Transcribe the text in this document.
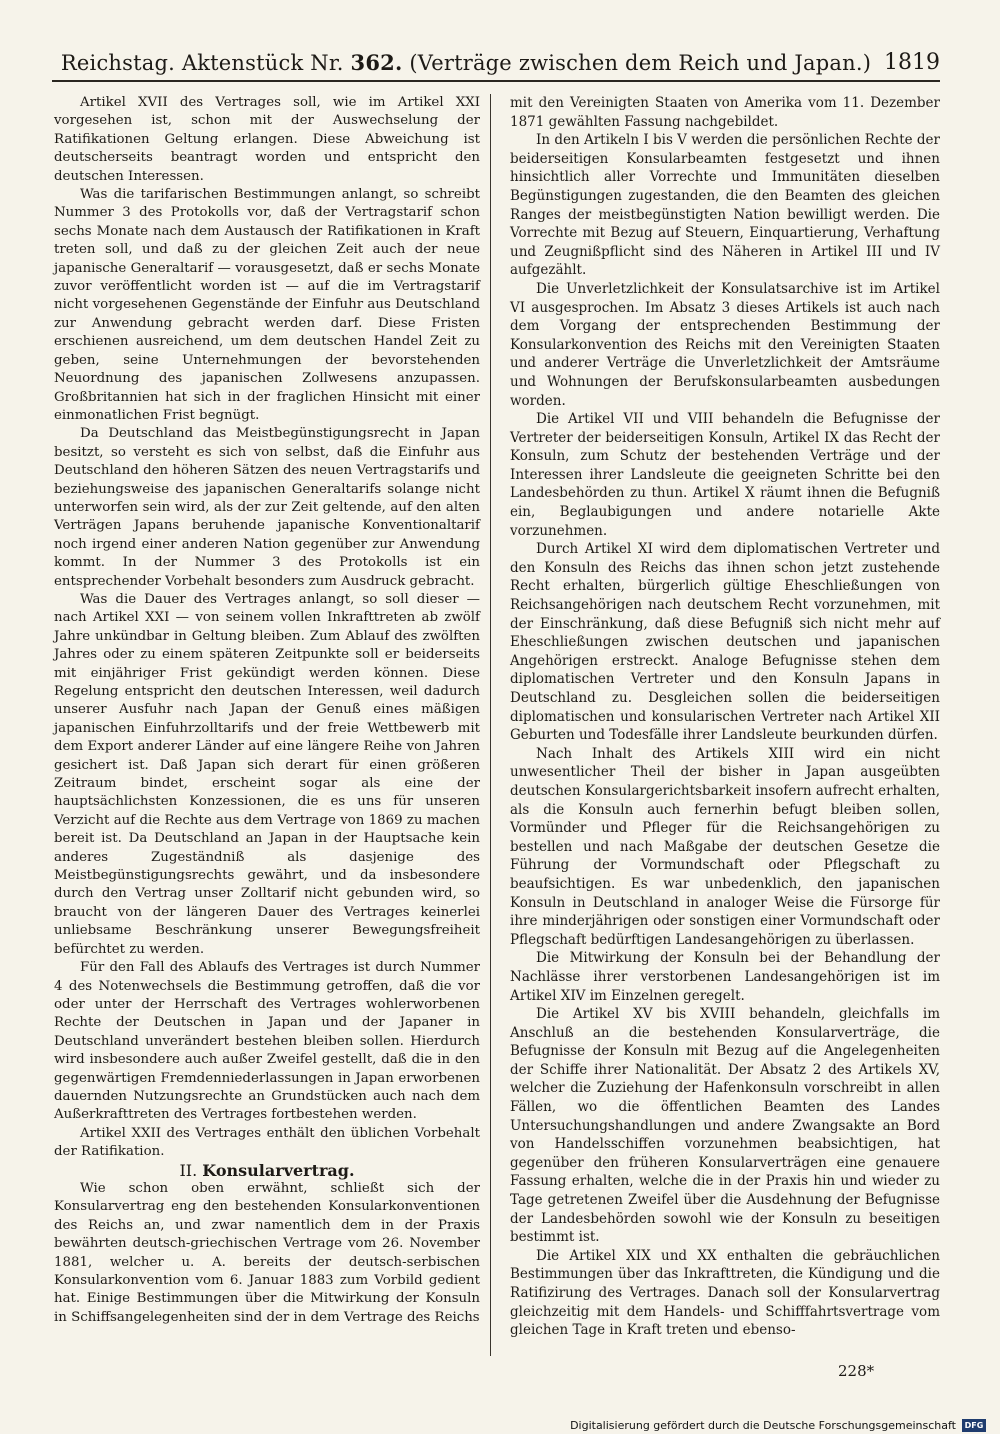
Reichstag. Aktenstück Nr. 362. (Verträge zwischen dem Reich und Japan.) 1819

Artikel XVII des Vertrages soll, wie im Artikel XXI vorgesehen ist, schon mit der Auswechselung der Ratifikationen Geltung erlangen. Diese Abweichung ist deutscherseits beantragt worden und entspricht den deutschen Interessen.

Was die tarifarischen Bestimmungen anlangt, so schreibt Nummer 3 des Protokolls vor, daß der Vertragstarif schon sechs Monate nach dem Austausch der Ratifikationen in Kraft treten soll, und daß zu der gleichen Zeit auch der neue japanische Generaltarif — vorausgesetzt, daß er sechs Monate zuvor veröffentlicht worden ist — auf die im Vertragstarif nicht vorgesehenen Gegenstände der Einfuhr aus Deutschland zur Anwendung gebracht werden darf. Diese Fristen erschienen ausreichend, um dem deutschen Handel Zeit zu geben, seine Unternehmungen der bevorstehenden Neuordnung des japanischen Zollwesens anzupassen. Großbritannien hat sich in der fraglichen Hinsicht mit einer einmonatlichen Frist begnügt.

Da Deutschland das Meistbegünstigungsrecht in Japan besitzt, so versteht es sich von selbst, daß die Einfuhr aus Deutschland den höheren Sätzen des neuen Vertragstarifs und beziehungsweise des japanischen Generaltarifs solange nicht unterworfen sein wird, als der zur Zeit geltende, auf den alten Verträgen Japans beruhende japanische Konventionaltarif noch irgend einer anderen Nation gegenüber zur Anwendung kommt. In der Nummer 3 des Protokolls ist ein entsprechender Vorbehalt besonders zum Ausdruck gebracht.

Was die Dauer des Vertrages anlangt, so soll dieser — nach Artikel XXI — von seinem vollen Inkrafttreten ab zwölf Jahre unkündbar in Geltung bleiben. Zum Ablauf des zwölften Jahres oder zu einem späteren Zeitpunkte soll er beiderseits mit einjähriger Frist gekündigt werden können. Diese Regelung entspricht den deutschen Interessen, weil dadurch unserer Ausfuhr nach Japan der Genuß eines mäßigen japanischen Einfuhrzolltarifs und der freie Wettbewerb mit dem Export anderer Länder auf eine längere Reihe von Jahren gesichert ist. Daß Japan sich derart für einen größeren Zeitraum bindet, erscheint sogar als eine der hauptsächlichsten Konzessionen, die es uns für unseren Verzicht auf die Rechte aus dem Vertrage von 1869 zu machen bereit ist. Da Deutschland an Japan in der Hauptsache kein anderes Zugeständniß als dasjenige des Meistbegünstigungsrechts gewährt, und da insbesondere durch den Vertrag unser Zolltarif nicht gebunden wird, so braucht von der längeren Dauer des Vertrages keinerlei unliebsame Beschränkung unserer Bewegungsfreiheit befürchtet zu werden.

Für den Fall des Ablaufs des Vertrages ist durch Nummer 4 des Notenwechsels die Bestimmung getroffen, daß die vor oder unter der Herrschaft des Vertrages wohlerworbenen Rechte der Deutschen in Japan und der Japaner in Deutschland unverändert bestehen bleiben sollen. Hierdurch wird insbesondere auch außer Zweifel gestellt, daß die in den gegenwärtigen Fremdenniederlassungen in Japan erworbenen dauernden Nutzungsrechte an Grundstücken auch nach dem Außerkrafttreten des Vertrages fortbestehen werden.

Artikel XXII des Vertrages enthält den üblichen Vorbehalt der Ratifikation.

II. Konsularvertrag.

Wie schon oben erwähnt, schließt sich der Konsularvertrag eng den bestehenden Konsularkonventionen des Reichs an, und zwar namentlich dem in der Praxis bewährten deutsch-griechischen Vertrage vom 26. November 1881, welcher u. A. bereits der deutsch-serbischen Konsularkonvention vom 6. Januar 1883 zum Vorbild gedient hat. Einige Bestimmungen über die Mitwirkung der Konsuln in Schiffsangelegenheiten sind der in dem Vertrage des Reichs

mit den Vereinigten Staaten von Amerika vom 11. Dezember 1871 gewählten Fassung nachgebildet.

In den Artikeln I bis V werden die persönlichen Rechte der beiderseitigen Konsularbeamten festgesetzt und ihnen hinsichtlich aller Vorrechte und Immunitäten dieselben Begünstigungen zugestanden, die den Beamten des gleichen Ranges der meistbegünstigten Nation bewilligt werden. Die Vorrechte mit Bezug auf Steuern, Einquartierung, Verhaftung und Zeugnißpflicht sind des Näheren in Artikel III und IV aufgezählt.

Die Unverletzlichkeit der Konsulatsarchive ist im Artikel VI ausgesprochen. Im Absatz 3 dieses Artikels ist auch nach dem Vorgang der entsprechenden Bestimmung der Konsularkonvention des Reichs mit den Vereinigten Staaten und anderer Verträge die Unverletzlichkeit der Amtsräume und Wohnungen der Berufskonsularbeamten ausbedungen worden.

Die Artikel VII und VIII behandeln die Befugnisse der Vertreter der beiderseitigen Konsuln, Artikel IX das Recht der Konsuln, zum Schutz der bestehenden Verträge und der Interessen ihrer Landsleute die geeigneten Schritte bei den Landesbehörden zu thun. Artikel X räumt ihnen die Befugniß ein, Beglaubigungen und andere notarielle Akte vorzunehmen.

Durch Artikel XI wird dem diplomatischen Vertreter und den Konsuln des Reichs das ihnen schon jetzt zustehende Recht erhalten, bürgerlich gültige Eheschließungen von Reichsangehörigen nach deutschem Recht vorzunehmen, mit der Einschränkung, daß diese Befugniß sich nicht mehr auf Eheschließungen zwischen deutschen und japanischen Angehörigen erstreckt. Analoge Befugnisse stehen dem diplomatischen Vertreter und den Konsuln Japans in Deutschland zu. Desgleichen sollen die beiderseitigen diplomatischen und konsularischen Vertreter nach Artikel XII Geburten und Todesfälle ihrer Landsleute beurkunden dürfen.

Nach Inhalt des Artikels XIII wird ein nicht unwesentlicher Theil der bisher in Japan ausgeübten deutschen Konsulargerichtsbarkeit insofern aufrecht erhalten, als die Konsuln auch fernerhin befugt bleiben sollen, Vormünder und Pfleger für die Reichsangehörigen zu bestellen und nach Maßgabe der deutschen Gesetze die Führung der Vormundschaft oder Pflegschaft zu beaufsichtigen. Es war unbedenklich, den japanischen Konsuln in Deutschland in analoger Weise die Fürsorge für ihre minderjährigen oder sonstigen einer Vormundschaft oder Pflegschaft bedürftigen Landesangehörigen zu überlassen.

Die Mitwirkung der Konsuln bei der Behandlung der Nachlässe ihrer verstorbenen Landesangehörigen ist im Artikel XIV im Einzelnen geregelt.

Die Artikel XV bis XVIII behandeln, gleichfalls im Anschluß an die bestehenden Konsularverträge, die Befugnisse der Konsuln mit Bezug auf die Angelegenheiten der Schiffe ihrer Nationalität. Der Absatz 2 des Artikels XV, welcher die Zuziehung der Hafenkonsuln vorschreibt in allen Fällen, wo die öffentlichen Beamten des Landes Untersuchungshandlungen und andere Zwangsakte an Bord von Handelsschiffen vorzunehmen beabsichtigen, hat gegenüber den früheren Konsularverträgen eine genauere Fassung erhalten, welche die in der Praxis hin und wieder zu Tage getretenen Zweifel über die Ausdehnung der Befugnisse der Landesbehörden sowohl wie der Konsuln zu beseitigen bestimmt ist.

Die Artikel XIX und XX enthalten die gebräuchlichen Bestimmungen über das Inkrafttreten, die Kündigung und die Ratifizirung des Vertrages. Danach soll der Konsularvertrag gleichzeitig mit dem Handels- und Schifffahrtsvertrage vom gleichen Tage in Kraft treten und ebenso-

228*
Digitalisierung gefördert durch die Deutsche Forschungsgemeinschaft	DFG
